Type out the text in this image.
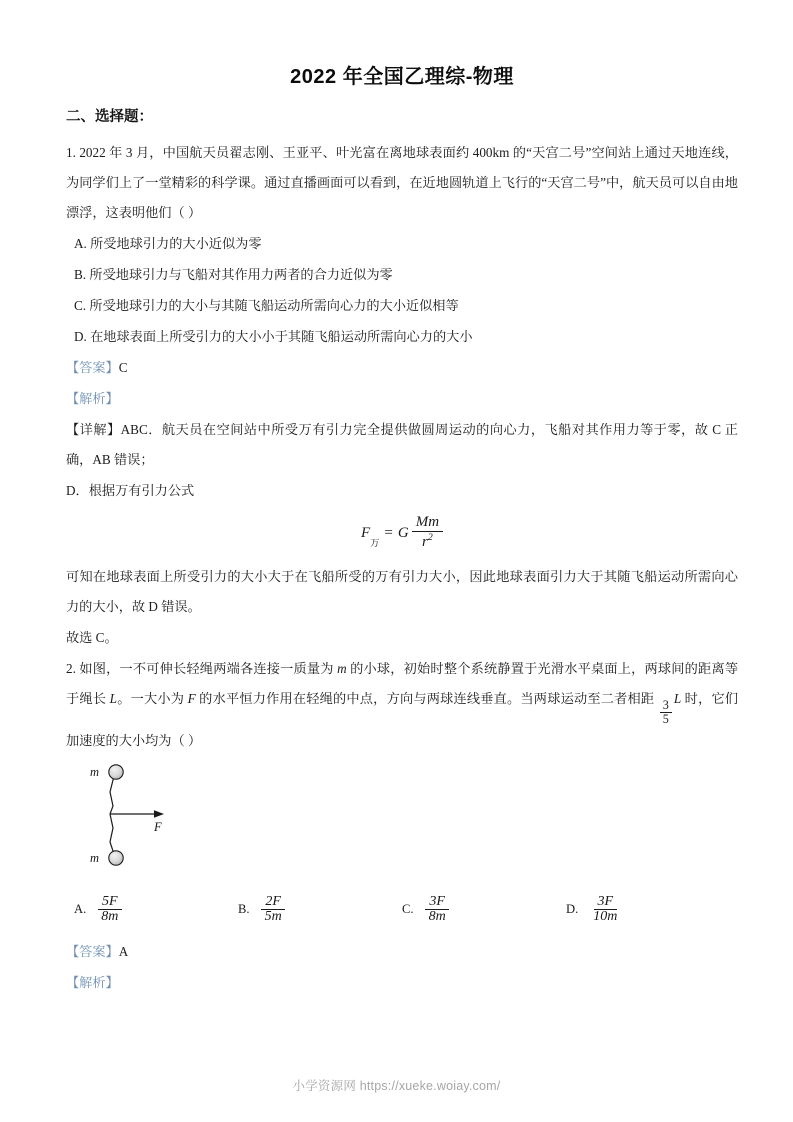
2022 年全国乙理综-物理
二、选择题：
1. 2022 年 3 月，中国航天员翟志刚、王亚平、叶光富在离地球表面约 400km 的“天宫二号”空间站上通过天地连线，为同学们上了一堂精彩的科学课。通过直播画面可以看到，在近地圆轨道上飞行的“天宫二号”中，航天员可以自由地漂浮，这表明他们（ ）
A. 所受地球引力的大小近似为零
B. 所受地球引力与飞船对其作用力两者的合力近似为零
C. 所受地球引力的大小与其随飞船运动所需向心力的大小近似相等
D. 在地球表面上所受引力的大小小于其随飞船运动所需向心力的大小
【答案】C
【解析】
【详解】ABC．航天员在空间站中所受万有引力完全提供做圆周运动的向心力，飞船对其作用力等于零，故 C 正确，AB 错误；
D．根据万有引力公式
F
万
= G $\frac{Mm}{r^2}$
可知在地球表面上所受引力的大小大于在飞船所受的万有引力大小，因此地球表面引力大于其随飞船运动所需向心力的大小，故 D 错误。
故选 C。
2. 如图，一不可伸长轻绳两端各连接一质量为 m 的小球，初始时整个系统静置于光滑水平桌面上，两球间的距离等于绳长 L。一大小为 F 的水平恒力作用在轻绳的中点，方向与两球连线垂直。当两球运动至二者相距
$\frac{3}{5}$
L 时，它们加速度的大小均为（ ）
F
m
m
A. $\frac{5F}{8m}$	B. $\frac{2F}{5m}$	C. $\frac{3F}{8m}$	D. $\frac{3F}{10m}$
【答案】A
【解析】
小学资源网 https://xueke.woiay.com/
